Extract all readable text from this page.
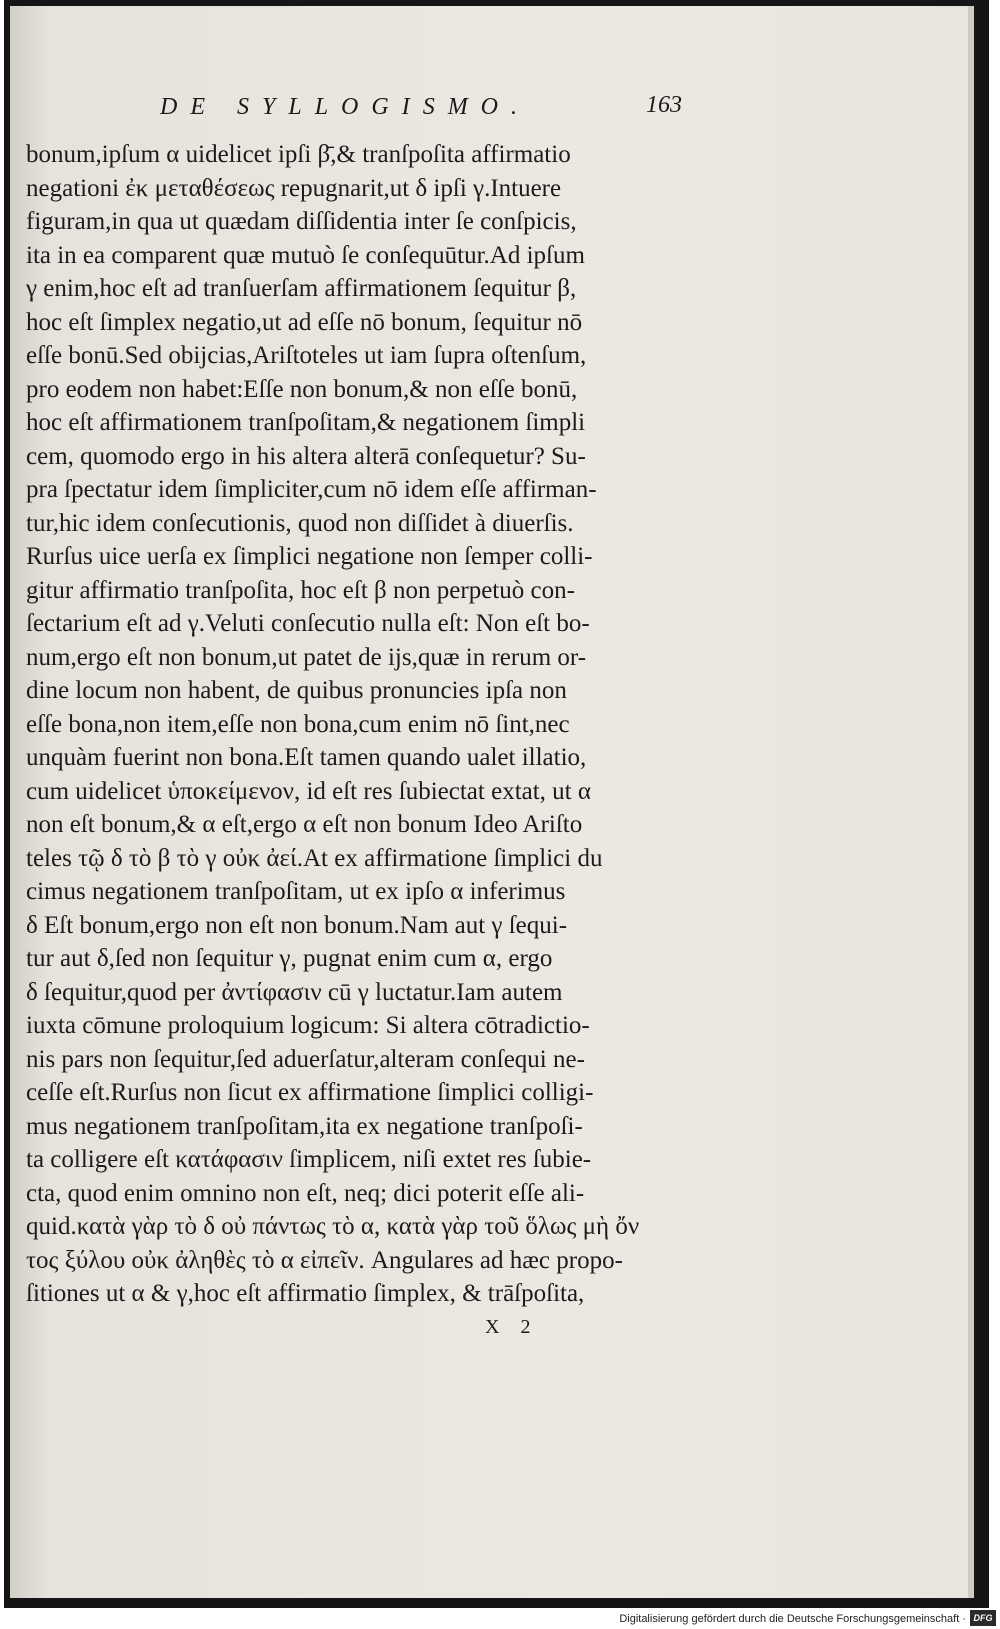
DE SYLLOGISMO.	163
bonum,ipſum α uidelicet ipſi β̄,& tranſpoſita affirmatio
negationi ἐκ μεταθέσεως repugnarit,ut δ ipſi γ.Intuere
figuram,in qua ut quædam diſſidentia inter ſe conſpicis,
ita in ea comparent quæ mutuò ſe conſequūtur.Ad ipſum
γ enim,hoc eſt ad tranſuerſam affirmationem ſequitur β,
hoc eſt ſimplex negatio,ut ad eſſe nō bonum, ſequitur nō
eſſe bonū.Sed obijcias,Ariſtoteles ut iam ſupra oſtenſum,
pro eodem non habet:Eſſe non bonum,& non eſſe bonū,
hoc eſt affirmationem tranſpoſitam,& negationem ſimpli
cem, quomodo ergo in his altera alterā conſequetur? Su-
pra ſpectatur idem ſimpliciter,cum nō idem eſſe affirman-
tur,hic idem conſecutionis, quod non diſſidet à diuerſis.
Rurſus uice uerſa ex ſimplici negatione non ſemper colli-
gitur affirmatio tranſpoſita, hoc eſt β non perpetuò con-
ſectarium eſt ad γ.Veluti conſecutio nulla eſt: Non eſt bo-
num,ergo eſt non bonum,ut patet de ijs,quæ in rerum or-
dine locum non habent, de quibus pronuncies ipſa non
eſſe bona,non item,eſſe non bona,cum enim nō ſint,nec
unquàm fuerint non bona.Eſt tamen quando ualet illatio,
cum uidelicet ὑποκείμενον, id eſt res ſubiectat extat, ut α
non eſt bonum,& α eſt,ergo α eſt non bonum Ideo Ariſto
teles τῷ δ τὸ β τὸ γ οὐκ ἀεί.At ex affirmatione ſimplici du
cimus negationem tranſpoſitam, ut ex ipſo α inferimus
δ Eſt bonum,ergo non eſt non bonum.Nam aut γ ſequi-
tur aut δ,ſed non ſequitur γ, pugnat enim cum α, ergo
δ ſequitur,quod per ἀντίφασιν cū γ luctatur.Iam autem
iuxta cōmune proloquium logicum: Si altera cōtradictio-
nis pars non ſequitur,ſed aduerſatur,alteram conſequi ne-
ceſſe eſt.Rurſus non ſicut ex affirmatione ſimplici colligi-
mus negationem tranſpoſitam,ita ex negatione tranſpoſi-
ta colligere eſt κατάφασιν ſimplicem, niſi extet res ſubie-
cta, quod enim omnino non eſt, neq; dici poterit eſſe ali-
quid.κατὰ γὰρ τὸ δ οὐ πάντως τὸ α, κατὰ γὰρ τοῦ ὅλως μὴ ὄν
τος ξύλου οὐκ ἀληθὲς τὸ α εἰπεῖν. Angulares ad hæc propo-
ſitiones ut α & γ,hoc eſt affirmatio ſimplex, & trāſpoſita,
X 2
Digitalisierung gefördert durch die Deutsche Forschungsgemeinschaft · DFG
